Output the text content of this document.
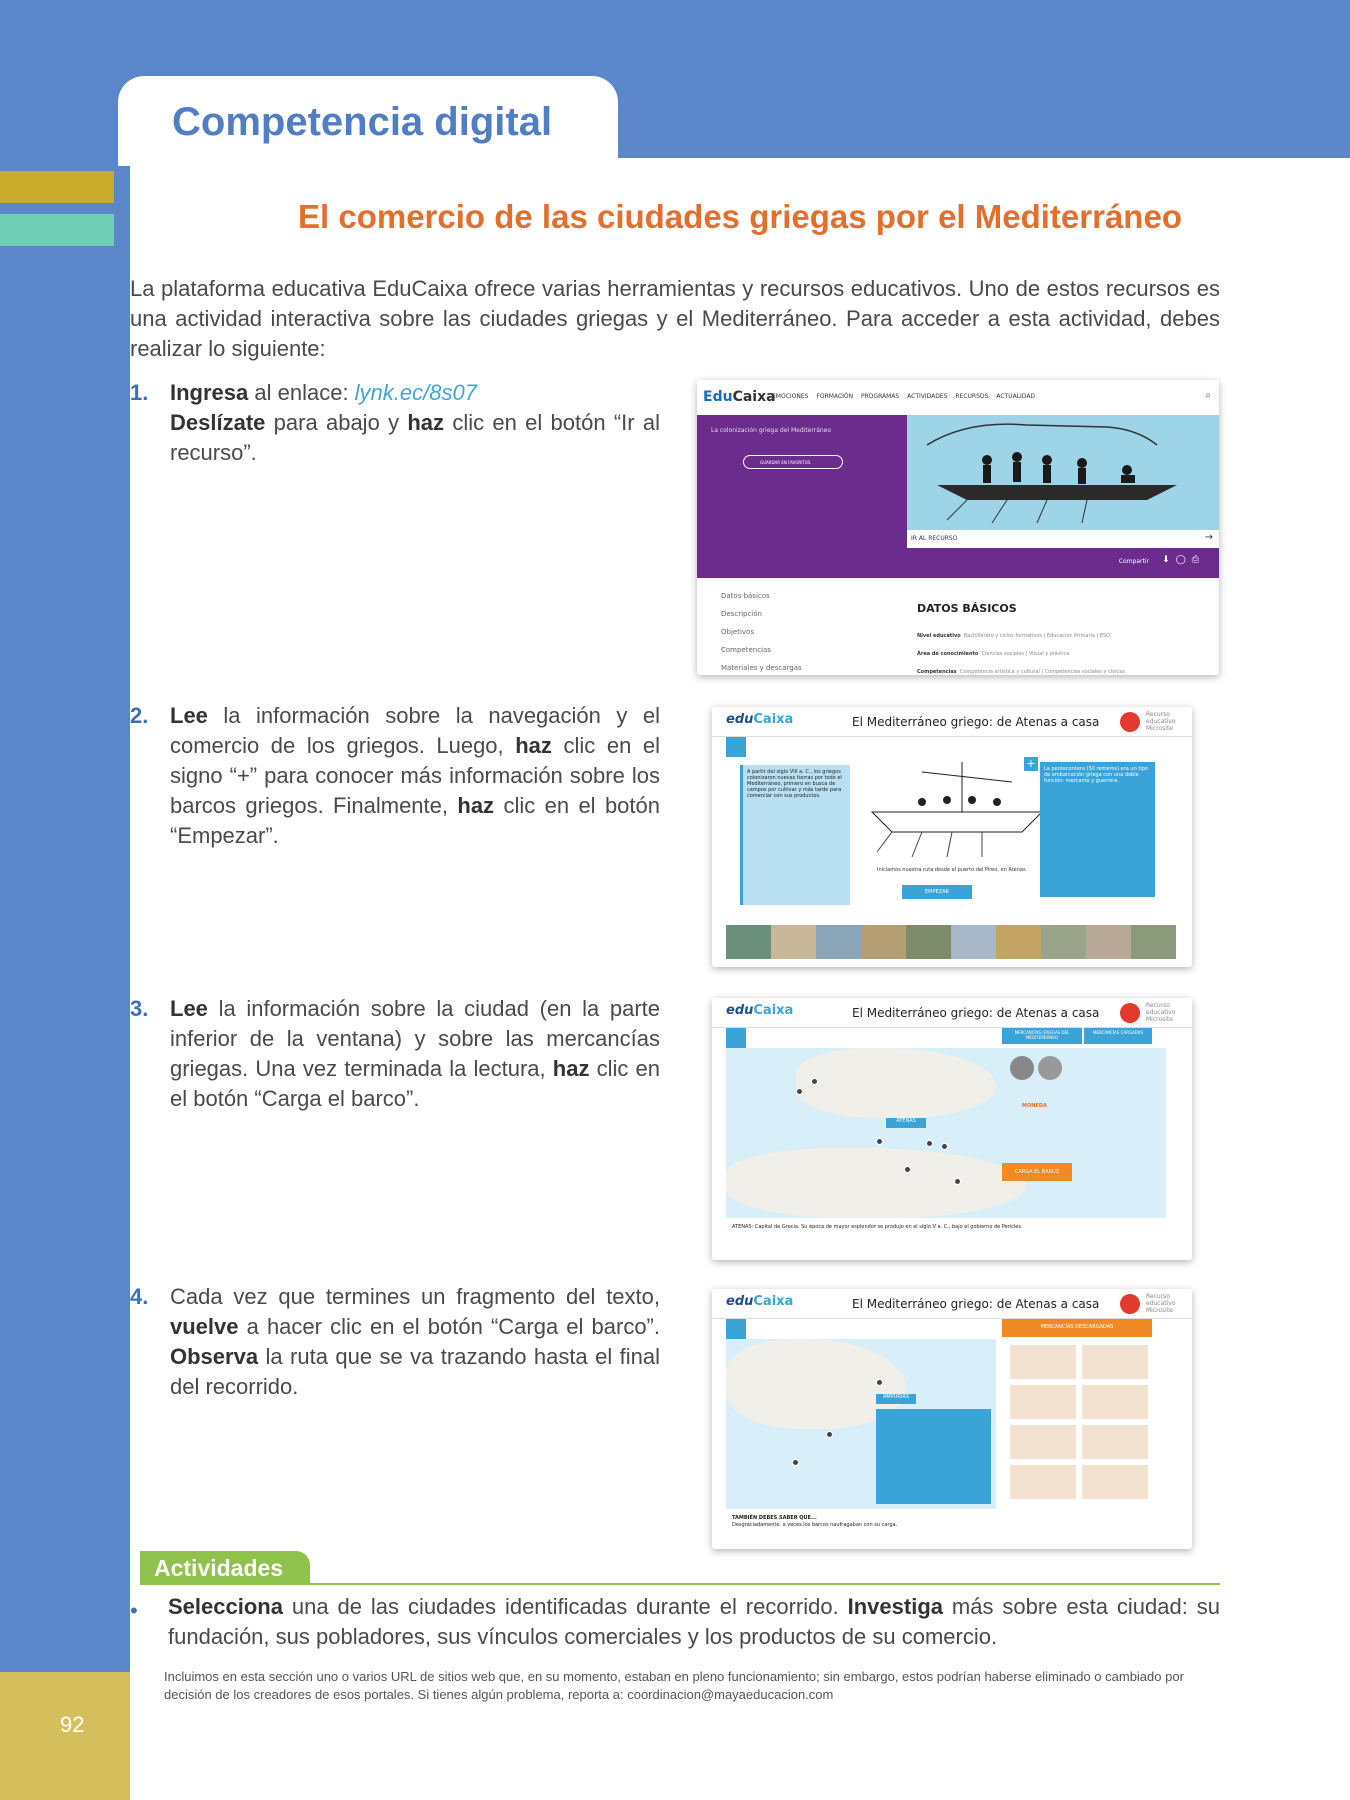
Competencia digital
El comercio de las ciudades griegas por el Mediterráneo

La plataforma educativa EduCaixa ofrece varias herramientas y recursos educativos. Uno de estos recursos es una actividad interactiva sobre las ciudades griegas y el Mediterráneo. Para acceder a esta actividad, debes realizar lo siguiente:

1. Ingresa al enlace: lynk.ec/8s07
Deslízate para abajo y haz clic en el botón “Ir al recurso”.
2. Lee la información sobre la navegación y el comercio de los griegos. Luego, haz clic en el signo “+” para conocer más información sobre los barcos griegos. Finalmente, haz clic en el botón “Empezar”.
3. Lee la información sobre la ciudad (en la parte inferior de la ventana) y sobre las mercancías griegas. Una vez terminada la lectura, haz clic en el botón “Carga el barco”.
4. Cada vez que termines un fragmento del texto, vuelve a hacer clic en el botón “Carga el barco”. Observa la ruta que se va trazando hasta el final del recorrido.
EduCaixa
EMOCIONES FORMACIÓN PROGRAMAS ACTIVIDADES RECURSOS ACTUALIDAD	⌕
La colonización griega del Mediterráneo
GUARDAR EN FAVORITOS
IR AL RECURSO	→
Compartir ⬇◯⎙
Datos básicos
Descripción
Objetivos
Competencias
Materiales y descargas
DATOS BÁSICOS
Nivel educativo Bachillerato y ciclos formativos | Educación Primaria | ESO
Área de conocimiento Ciencias sociales | Visual y plástica
Competencias Competencia artística y cultural | Competencias sociales y cívicas
eduCaixa	El Mediterráneo griego: de Atenas a casa
Recurso educativo Microsite
A partir del siglo VIII a. C., los griegos colonizaron nuevas tierras por todo el Mediterráneo, primero en busca de campos por cultivar y más tarde para comerciar con sus productos.
Iniciamos nuestra ruta desde el puerto del Pireo, en Atenas.
EMPEZAR
+	La pentecontera (50 remeros) era un tipo de embarcación griega con una doble función: mercante y guerrera.
eduCaixa	El Mediterráneo griego: de Atenas a casa
Recurso educativo Microsite
ATENAS
MERCANCÍAS GRIEGAS DEL MEDITERRÁNEO
MERCANCÍAS CARGADAS
MONEDA
CARGA EL BARCO
ATENAS: Capital de Grecia. Su época de mayor esplendor se produjo en el siglo V a. C., bajo el gobierno de Pericles.
eduCaixa	El Mediterráneo griego: de Atenas a casa
Recurso educativo Microsite
AMPURIAS
MERCANCÍAS DESCARGADAS
TAMBIÉN DEBES SABER QUE...
Desgraciadamente, a veces los barcos naufragaban con su carga.
Actividades
• Selecciona una de las ciudades identificadas durante el recorrido. Investiga más sobre esta ciudad: su fundación, sus pobladores, sus vínculos comerciales y los productos de su comercio.

Incluimos en esta sección uno o varios URL de sitios web que, en su momento, estaban en pleno funcionamiento; sin embargo, estos podrían haberse eliminado o cambiado por decisión de los creadores de esos portales. Si tienes algún problema, reporta a: coordinacion@mayaeducacion.com

92
